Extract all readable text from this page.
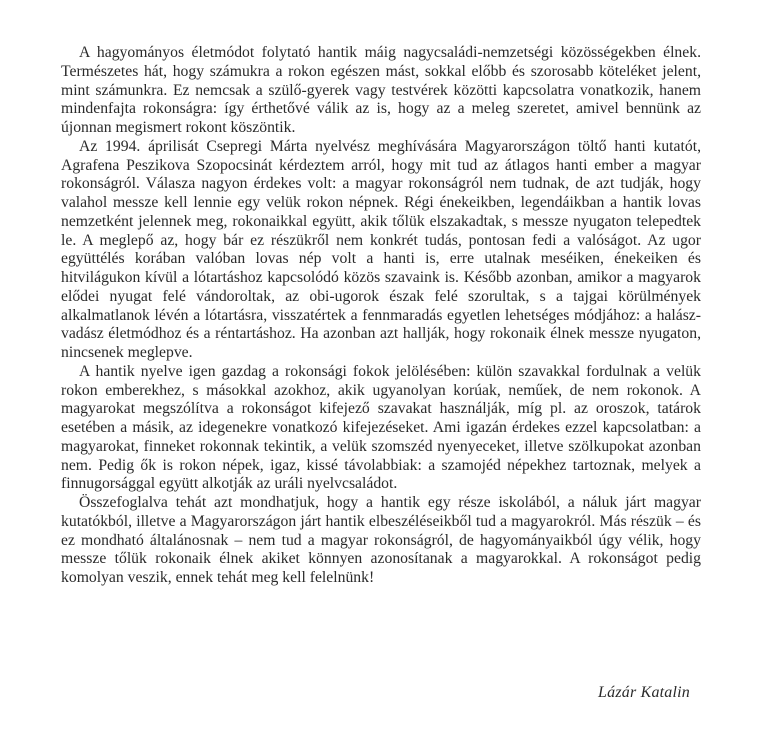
A hagyományos életmódot folytató hantik máig nagycsaládi-nemzetségi közösségekben élnek. Természetes hát, hogy számukra a rokon egészen mást, sokkal előbb és szorosabb köteléket jelent, mint számunkra. Ez nemcsak a szülő-gyerek vagy testvérek közötti kapcsolatra vonatkozik, hanem mindenfajta rokonságra: így érthetővé válik az is, hogy az a meleg szeretet, amivel bennünk az újonnan megismert rokont köszöntik.

Az 1994. áprilisát Csepregi Márta nyelvész meghívására Magyarországon töltő hanti kutatót, Agrafena Peszikova Szopocsinát kérdeztem arról, hogy mit tud az átlagos hanti ember a magyar rokonságról. Válasza nagyon érdekes volt: a magyar rokonságról nem tudnak, de azt tudják, hogy valahol messze kell lennie egy velük rokon népnek. Régi énekeikben, legendáikban a hantik lovas nemzetként jelennek meg, rokonaikkal együtt, akik tőlük elszakadtak, s messze nyugaton telepedtek le. A meglepő az, hogy bár ez részükről nem konkrét tudás, pontosan fedi a valóságot. Az ugor együttélés korában valóban lovas nép volt a hanti is, erre utalnak meséiken, énekeiken és hitvilágukon kívül a lótartáshoz kapcsolódó közös szavaink is. Később azonban, amikor a magyarok elődei nyugat felé vándoroltak, az obi-ugorok észak felé szorultak, s a tajgai körülmények alkalmatlanok lévén a lótartásra, visszatértek a fennmaradás egyetlen lehetséges módjához: a halász-vadász életmódhoz és a réntartáshoz. Ha azonban azt hallják, hogy rokonaik élnek messze nyugaton, nincsenek meglepve.

A hantik nyelve igen gazdag a rokonsági fokok jelölésében: külön szavakkal fordulnak a velük rokon emberekhez, s másokkal azokhoz, akik ugyanolyan korúak, neműek, de nem rokonok. A magyarokat megszólítva a rokonságot kifejező szavakat használják, míg pl. az oroszok, tatárok esetében a másik, az idegenekre vonatkozó kifejezéseket. Ami igazán érdekes ezzel kapcsolatban: a magyarokat, finneket rokonnak tekintik, a velük szomszéd nyenyeceket, illetve szölkupokat azonban nem. Pedig ők is rokon népek, igaz, kissé távolabbiak: a szamojéd népekhez tartoznak, melyek a finnugorsággal együtt alkotják az uráli nyelvcsaládot.

Összefoglalva tehát azt mondhatjuk, hogy a hantik egy része iskolából, a náluk járt magyar kutatókból, illetve a Magyarországon járt hantik elbeszéléseikből tud a magyarokról. Más részük – és ez mondható általánosnak – nem tud a magyar rokonságról, de hagyományaikból úgy vélik, hogy messze tőlük rokonaik élnek akiket könnyen azonosítanak a magyarokkal. A rokonságot pedig komolyan veszik, ennek tehát meg kell felelnünk!

Lázár Katalin
